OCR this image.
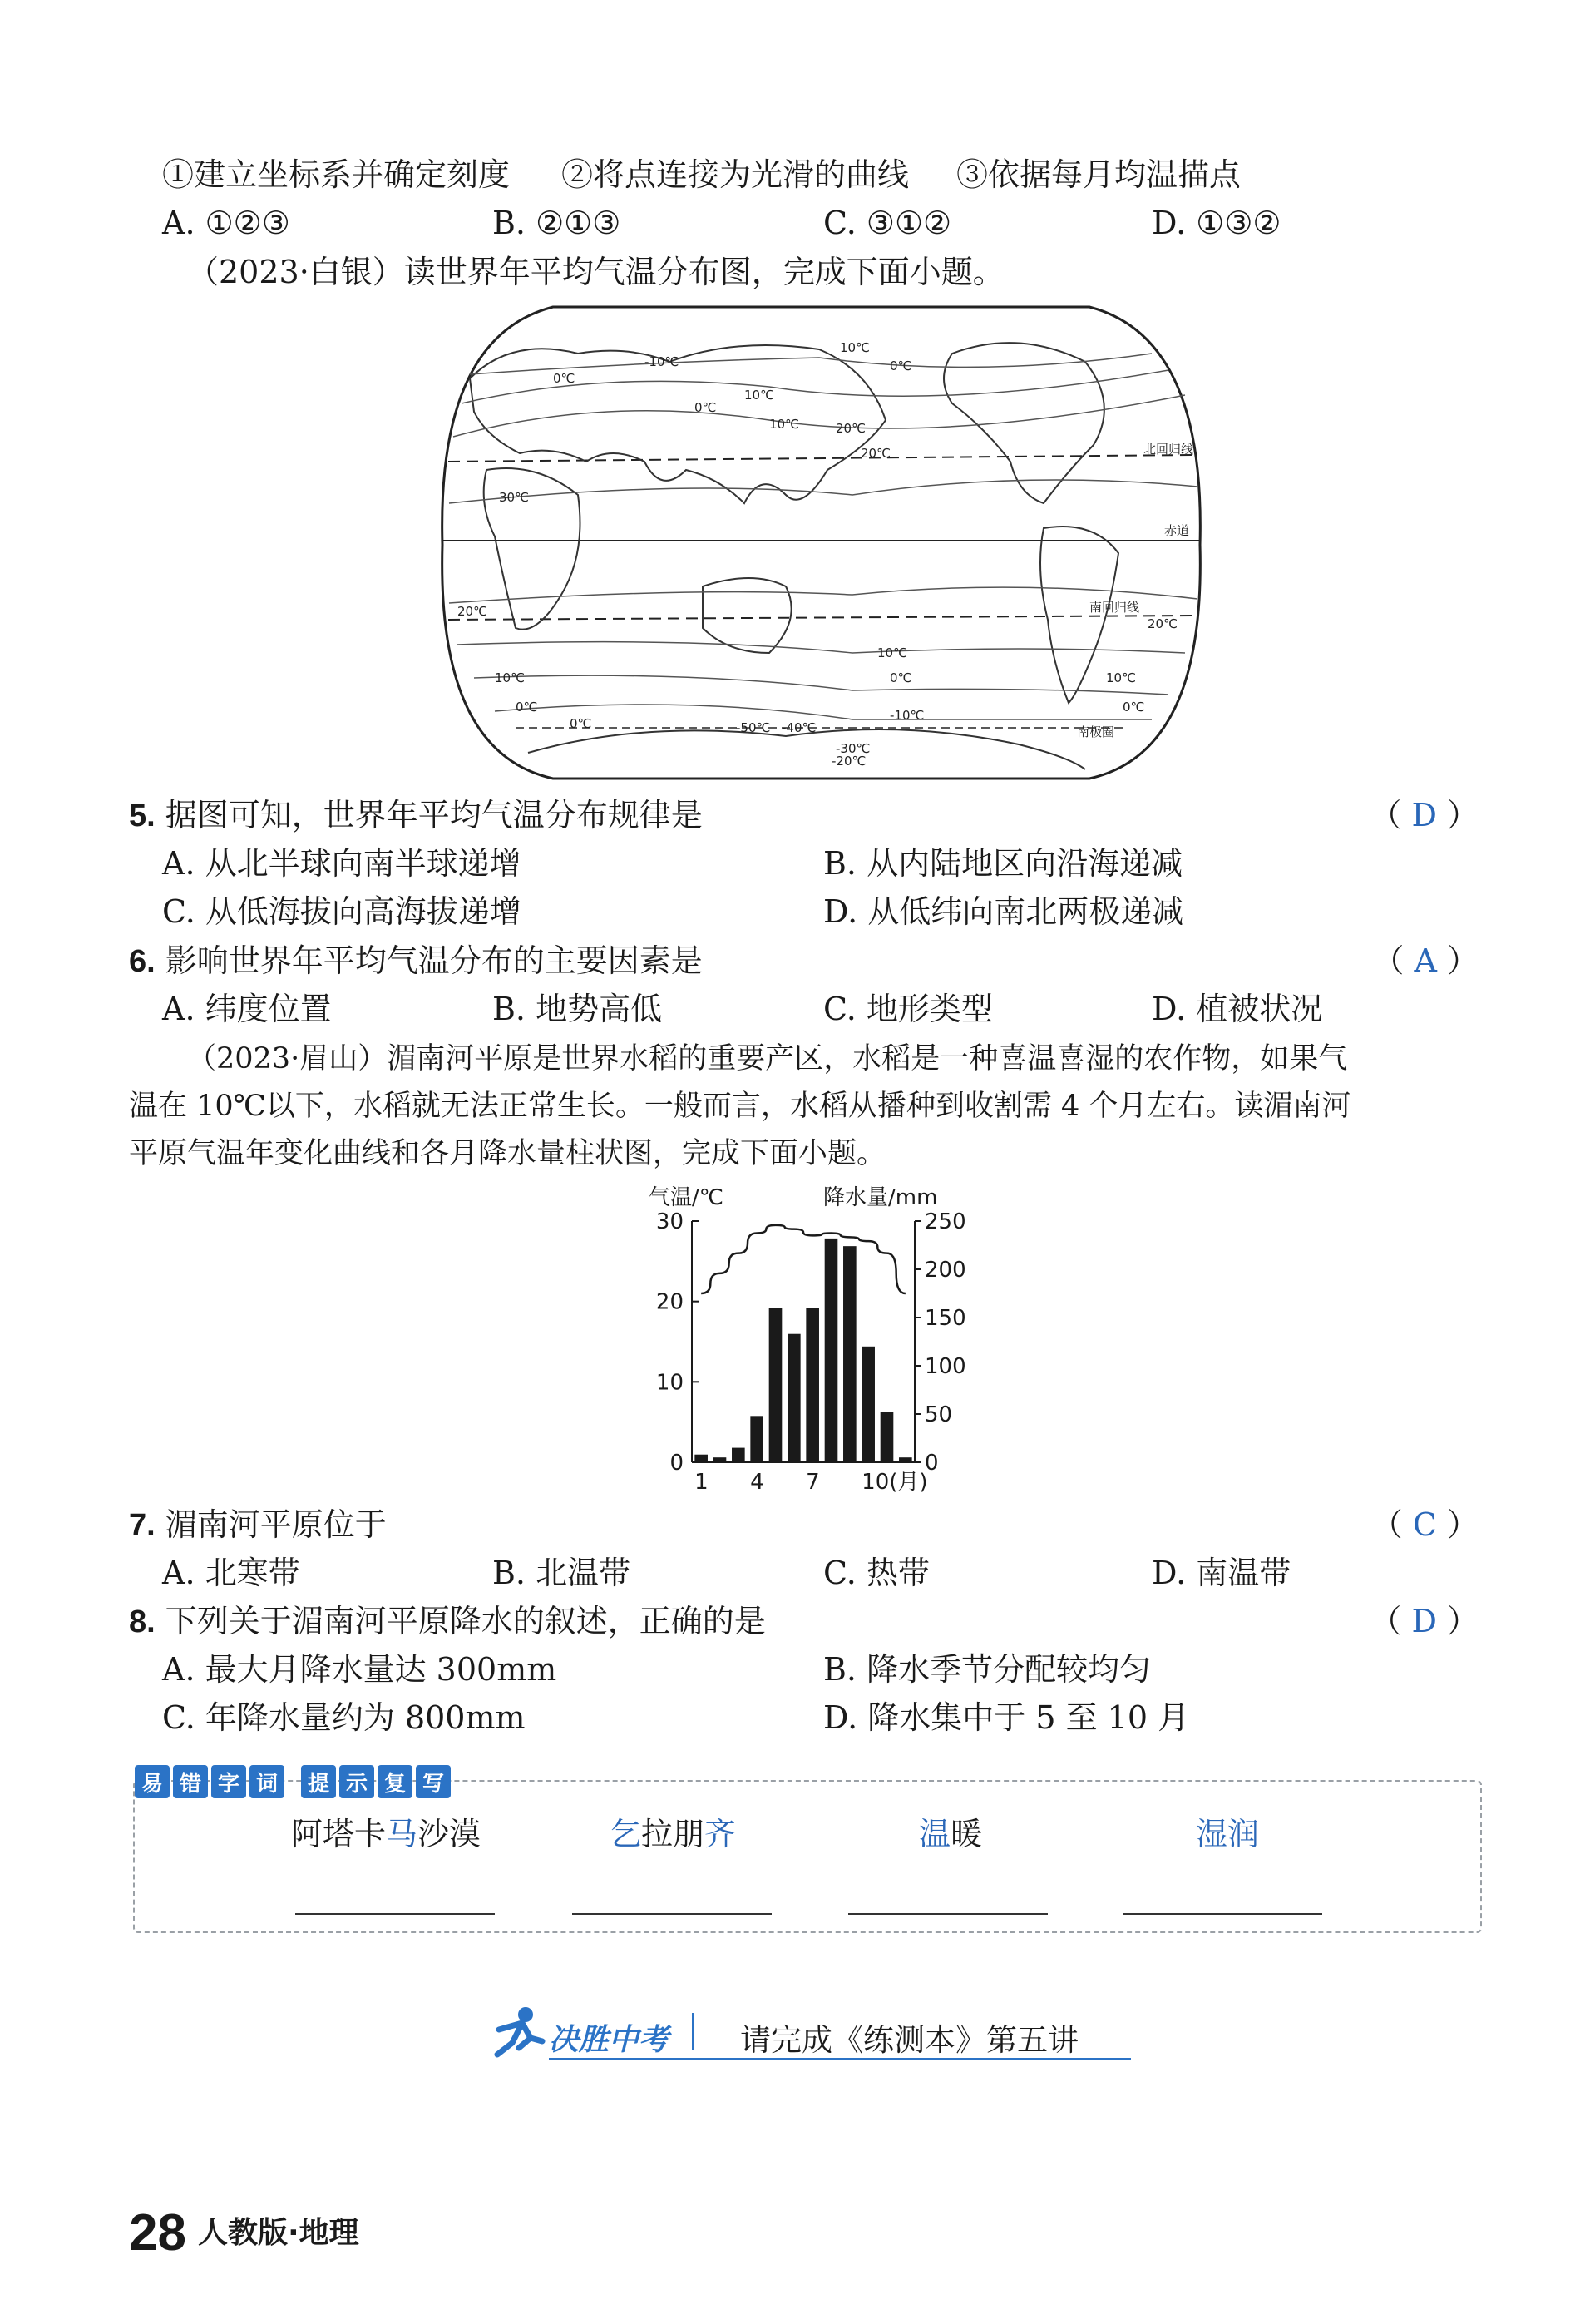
①建立坐标系并确定刻度 ②将点连接为光滑的曲线 ③依据每月均温描点
A. ①②③	B. ②①③	C. ③①②	D. ①③②
（2023·白银）读世界年平均气温分布图，完成下面小题。
10℃
0℃
-10℃
10℃
0℃
0℃
10℃	20℃
20℃	北回归线
30℃
赤道
20℃	南回归线
20℃
10℃
0℃
10℃
0℃
10℃
-10℃
0℃
0℃
南极圈
-50℃ -40℃
-30℃
-20℃
5. 据图可知，世界年平均气温分布规律是	（ D ）
A. 从北半球向南半球递增	B. 从内陆地区向沿海递减
C. 从低海拔向高海拔递增	D. 从低纬向南北两极递减
6. 影响世界年平均气温分布的主要因素是	（ A ）
A. 纬度位置	B. 地势高低	C. 地形类型	D. 植被状况
（2023·眉山）湄南河平原是世界水稻的重要产区，水稻是一种喜温喜湿的农作物，如果气
温在 10℃以下，水稻就无法正常生长。一般而言，水稻从播种到收割需 4 个月左右。读湄南河
平原气温年变化曲线和各月降水量柱状图，完成下面小题。
气温/℃	降水量/mm
0
10
20
30
0
50
100
150
200
250
1 4 7 10(月)
7. 湄南河平原位于	（ C ）
A. 北寒带	B. 北温带	C. 热带	D. 南温带
8. 下列关于湄南河平原降水的叙述，正确的是	（ D ）
A. 最大月降水量达 300mm	B. 降水季节分配较均匀
C. 年降水量约为 800mm	D. 降水集中于 5 至 10 月
易 错 字 词	提 示 复 写
阿塔卡马沙漠	乞拉朋齐	温暖	湿润
决胜中考 请完成《练测本》第五讲
28 人教版·地理
